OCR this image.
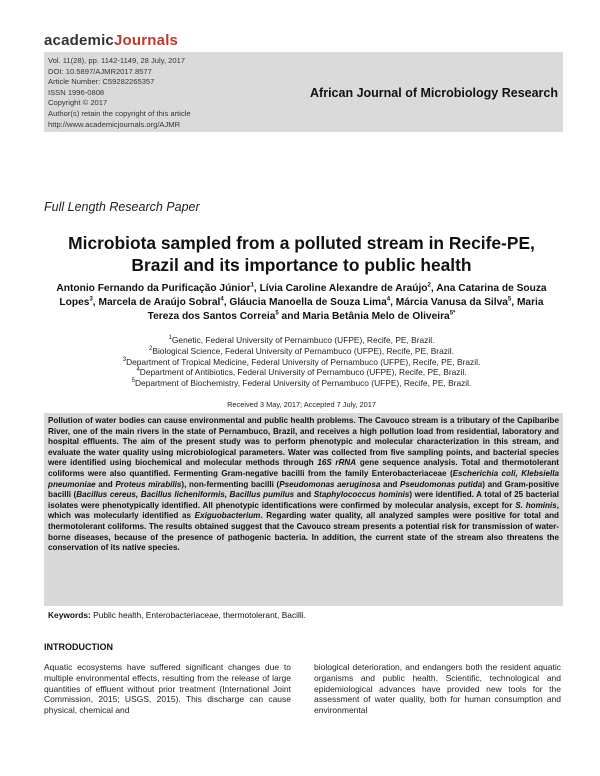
academicJournals
Vol. 11(28), pp. 1142-1149, 28 July, 2017
DOI: 10.5897/AJMR2017.8577
Article Number: C59282265357
ISSN 1996-0808
Copyright © 2017
Author(s) retain the copyright of this article
http://www.academicjournals.org/AJMR
African Journal of Microbiology Research
Full Length Research Paper
Microbiota sampled from a polluted stream in Recife-PE, Brazil and its importance to public health
Antonio Fernando da Purificação Júnior$^1$, Lívia Caroline Alexandre de Araújo$^2$, Ana Catarina de Souza Lopes$^3$, Marcela de Araújo Sobral$^4$, Gláucia Manoella de Souza Lima$^4$, Márcia Vanusa da Silva$^5$, Maria Tereza dos Santos Correia$^5$ and Maria Betânia Melo de Oliveira$^{5*}$
$^1$Genetic, Federal University of Pernambuco (UFPE), Recife, PE, Brazil.
$^2$Biological Science, Federal University of Pernambuco (UFPE), Recife, PE, Brazil.
$^3$Department of Tropical Medicine, Federal University of Pernambuco (UFPE), Recife, PE, Brazil.
$^4$Department of Antibiotics, Federal University of Pernambuco (UFPE), Recife, PE, Brazil.
$^5$Department of Biochemistry, Federal University of Pernambuco (UFPE), Recife, PE, Brazil.
Received 3 May, 2017; Accepted 7 July, 2017
Pollution of water bodies can cause environmental and public health problems. The Cavouco stream is a tributary of the Capibaribe River, one of the main rivers in the state of Pernambuco, Brazil, and receives a high pollution load from residential, laboratory and hospital effluents. The aim of the present study was to perform phenotypic and molecular characterization in this stream, and evaluate the water quality using microbiological parameters. Water was collected from five sampling points, and bacterial species were identified using biochemical and molecular methods through 16S rRNA gene sequence analysis. Total and thermotolerant coliforms were also quantified. Fermenting Gram-negative bacilli from the family Enterobacteriaceae (Escherichia coli, Klebsiella pneumoniae and Proteus mirabilis), non-fermenting bacilli (Pseudomonas aeruginosa and Pseudomonas putida) and Gram-positive bacilli (Bacillus cereus, Bacillus licheniformis, Bacillus pumilus and Staphylococcus hominis) were identified. A total of 25 bacterial isolates were phenotypically identified. All phenotypic identifications were confirmed by molecular analysis, except for S. hominis, which was molecularly identified as Exiguobacterium. Regarding water quality, all analyzed samples were positive for total and thermotolerant coliforms. The results obtained suggest that the Cavouco stream presents a potential risk for transmission of water-borne diseases, because of the presence of pathogenic bacteria. In addition, the current state of the stream also threatens the conservation of its native species.
Keywords: Public health, Enterobacteriaceae, thermotolerant, Bacilli.
INTRODUCTION
Aquatic ecosystems have suffered significant changes due to multiple environmental effects, resulting from the release of large quantities of effluent without prior treatment (International Joint Commission, 2015; USGS, 2015). This discharge can cause physical, chemical and
biological deterioration, and endangers both the resident aquatic organisms and public health. Scientific, technological and epidemiological advances have provided new tools for the assessment of water quality, both for human consumption and environmental
